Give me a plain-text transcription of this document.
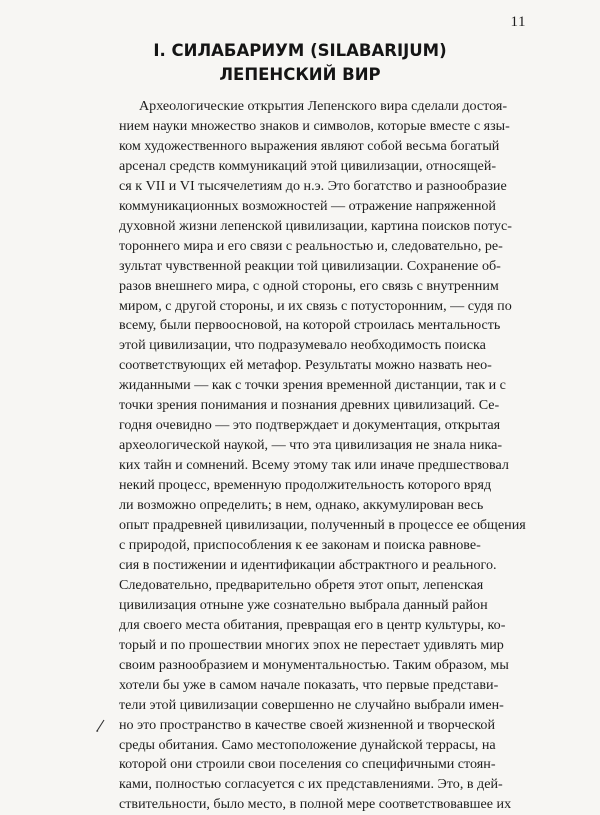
11
I. СИЛАБАРИУМ (SILABARIJUM)
ЛЕПЕНСКИЙ ВИР
Археологические открытия Лепенского вира сделали достоя-
нием науки множество знаков и символов, которые вместе с язы-
ком художественного выражения являют собой весьма богатый
арсенал средств коммуникаций этой цивилизации, относящей-
ся к VII и VI тысячелетиям до н.э. Это богатство и разнообразие
коммуникационных возможностей — отражение напряженной
духовной жизни лепенской цивилизации, картина поисков потус-
тороннего мира и его связи с реальностью и, следовательно, ре-
зультат чувственной реакции той цивилизации. Сохранение об-
разов внешнего мира, с одной стороны, его связь с внутренним
миром, с другой стороны, и их связь с потусторонним, — судя по
всему, были первоосновой, на которой строилась ментальность
этой цивилизации, что подразумевало необходимость поиска
соответствующих ей метафор. Результаты можно назвать нео-
жиданными — как с точки зрения временной дистанции, так и с
точки зрения понимания и познания древних цивилизаций. Се-
годня очевидно — это подтверждает и документация, открытая
археологической наукой, — что эта цивилизация не знала ника-
ких тайн и сомнений. Всему этому так или иначе предшествовал
некий процесс, временную продолжительность которого вряд
ли возможно определить; в нем, однако, аккумулирован весь
опыт прадревней цивилизации, полученный в процессе ее общения
с природой, приспособления к ее законам и поиска равнове-
сия в постижении и идентификации абстрактного и реального.
Следовательно, предварительно обретя этот опыт, лепенская
цивилизация отныне уже сознательно выбрала данный район
для своего места обитания, превращая его в центр культуры, ко-
торый и по прошествии многих эпох не перестает удивлять мир
своим разнообразием и монументальностью. Таким образом, мы
хотели бы уже в самом начале показать, что первые представи-
тели этой цивилизации совершенно не случайно выбрали имен-
но это пространство в качестве своей жизненной и творческой
среды обитания. Само местоположение дунайской террасы, на
которой они строили свои поселения со специфичными стоян-
ками, полностью согласуется с их представлениями. Это, в дей-
ствительности, было место, в полной мере соответствовавшее их
